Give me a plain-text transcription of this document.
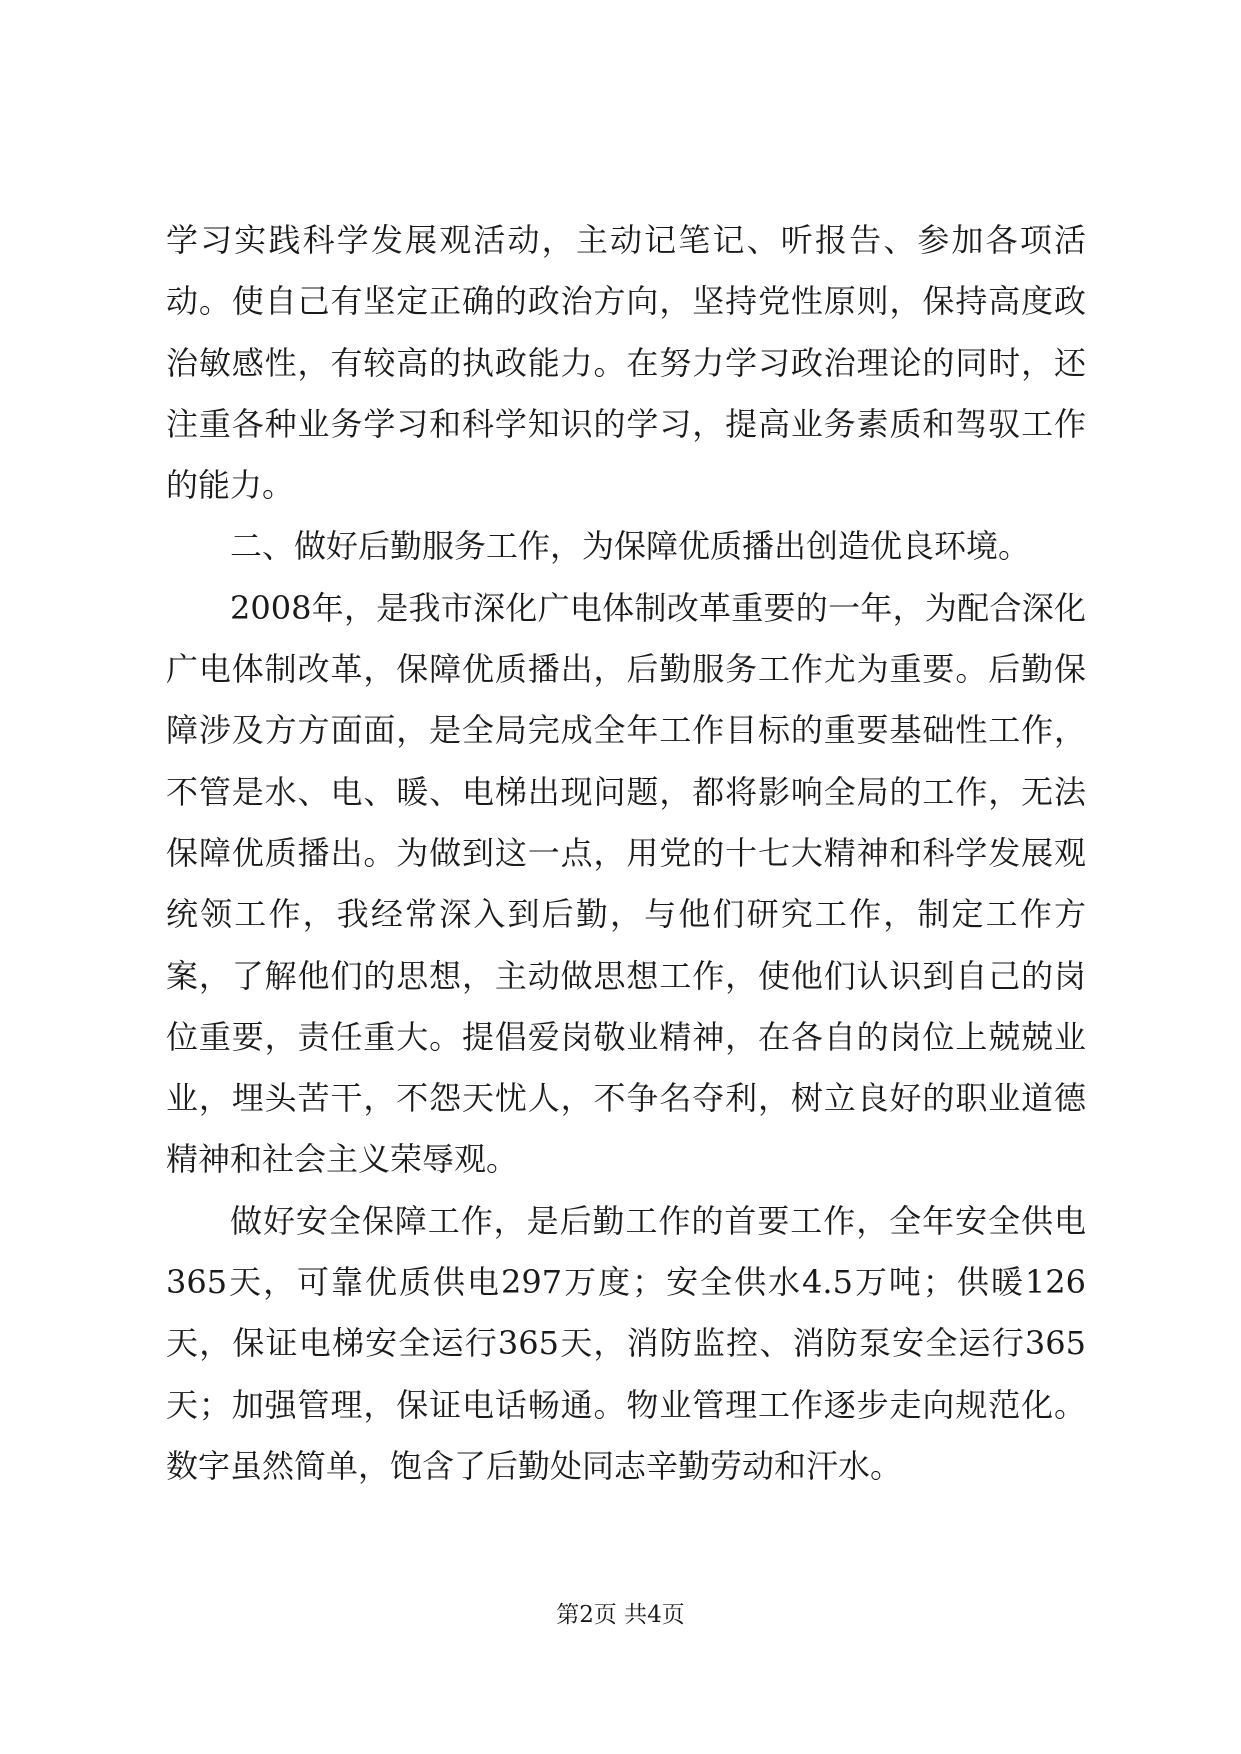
学习实践科学发展观活动，主动记笔记、听报告、参加各项活动。使自己有坚定正确的政治方向，坚持党性原则，保持高度政治敏感性，有较高的执政能力。在努力学习政治理论的同时，还注重各种业务学习和科学知识的学习，提高业务素质和驾驭工作的能力。

二、做好后勤服务工作，为保障优质播出创造优良环境。

2008年，是我市深化广电体制改革重要的一年，为配合深化广电体制改革，保障优质播出，后勤服务工作尤为重要。后勤保障涉及方方面面，是全局完成全年工作目标的重要基础性工作，不管是水、电、暖、电梯出现问题，都将影响全局的工作，无法保障优质播出。为做到这一点，用党的十七大精神和科学发展观统领工作，我经常深入到后勤，与他们研究工作，制定工作方案，了解他们的思想，主动做思想工作，使他们认识到自己的岗位重要，责任重大。提倡爱岗敬业精神，在各自的岗位上兢兢业业，埋头苦干，不怨天忧人，不争名夺利，树立良好的职业道德精神和社会主义荣辱观。

做好安全保障工作，是后勤工作的首要工作，全年安全供电365天，可靠优质供电297万度；安全供水4.5万吨；供暖126天，保证电梯安全运行365天，消防监控、消防泵安全运行365天；加强管理，保证电话畅通。物业管理工作逐步走向规范化。数字虽然简单，饱含了后勤处同志辛勤劳动和汗水。

第2页 共4页
